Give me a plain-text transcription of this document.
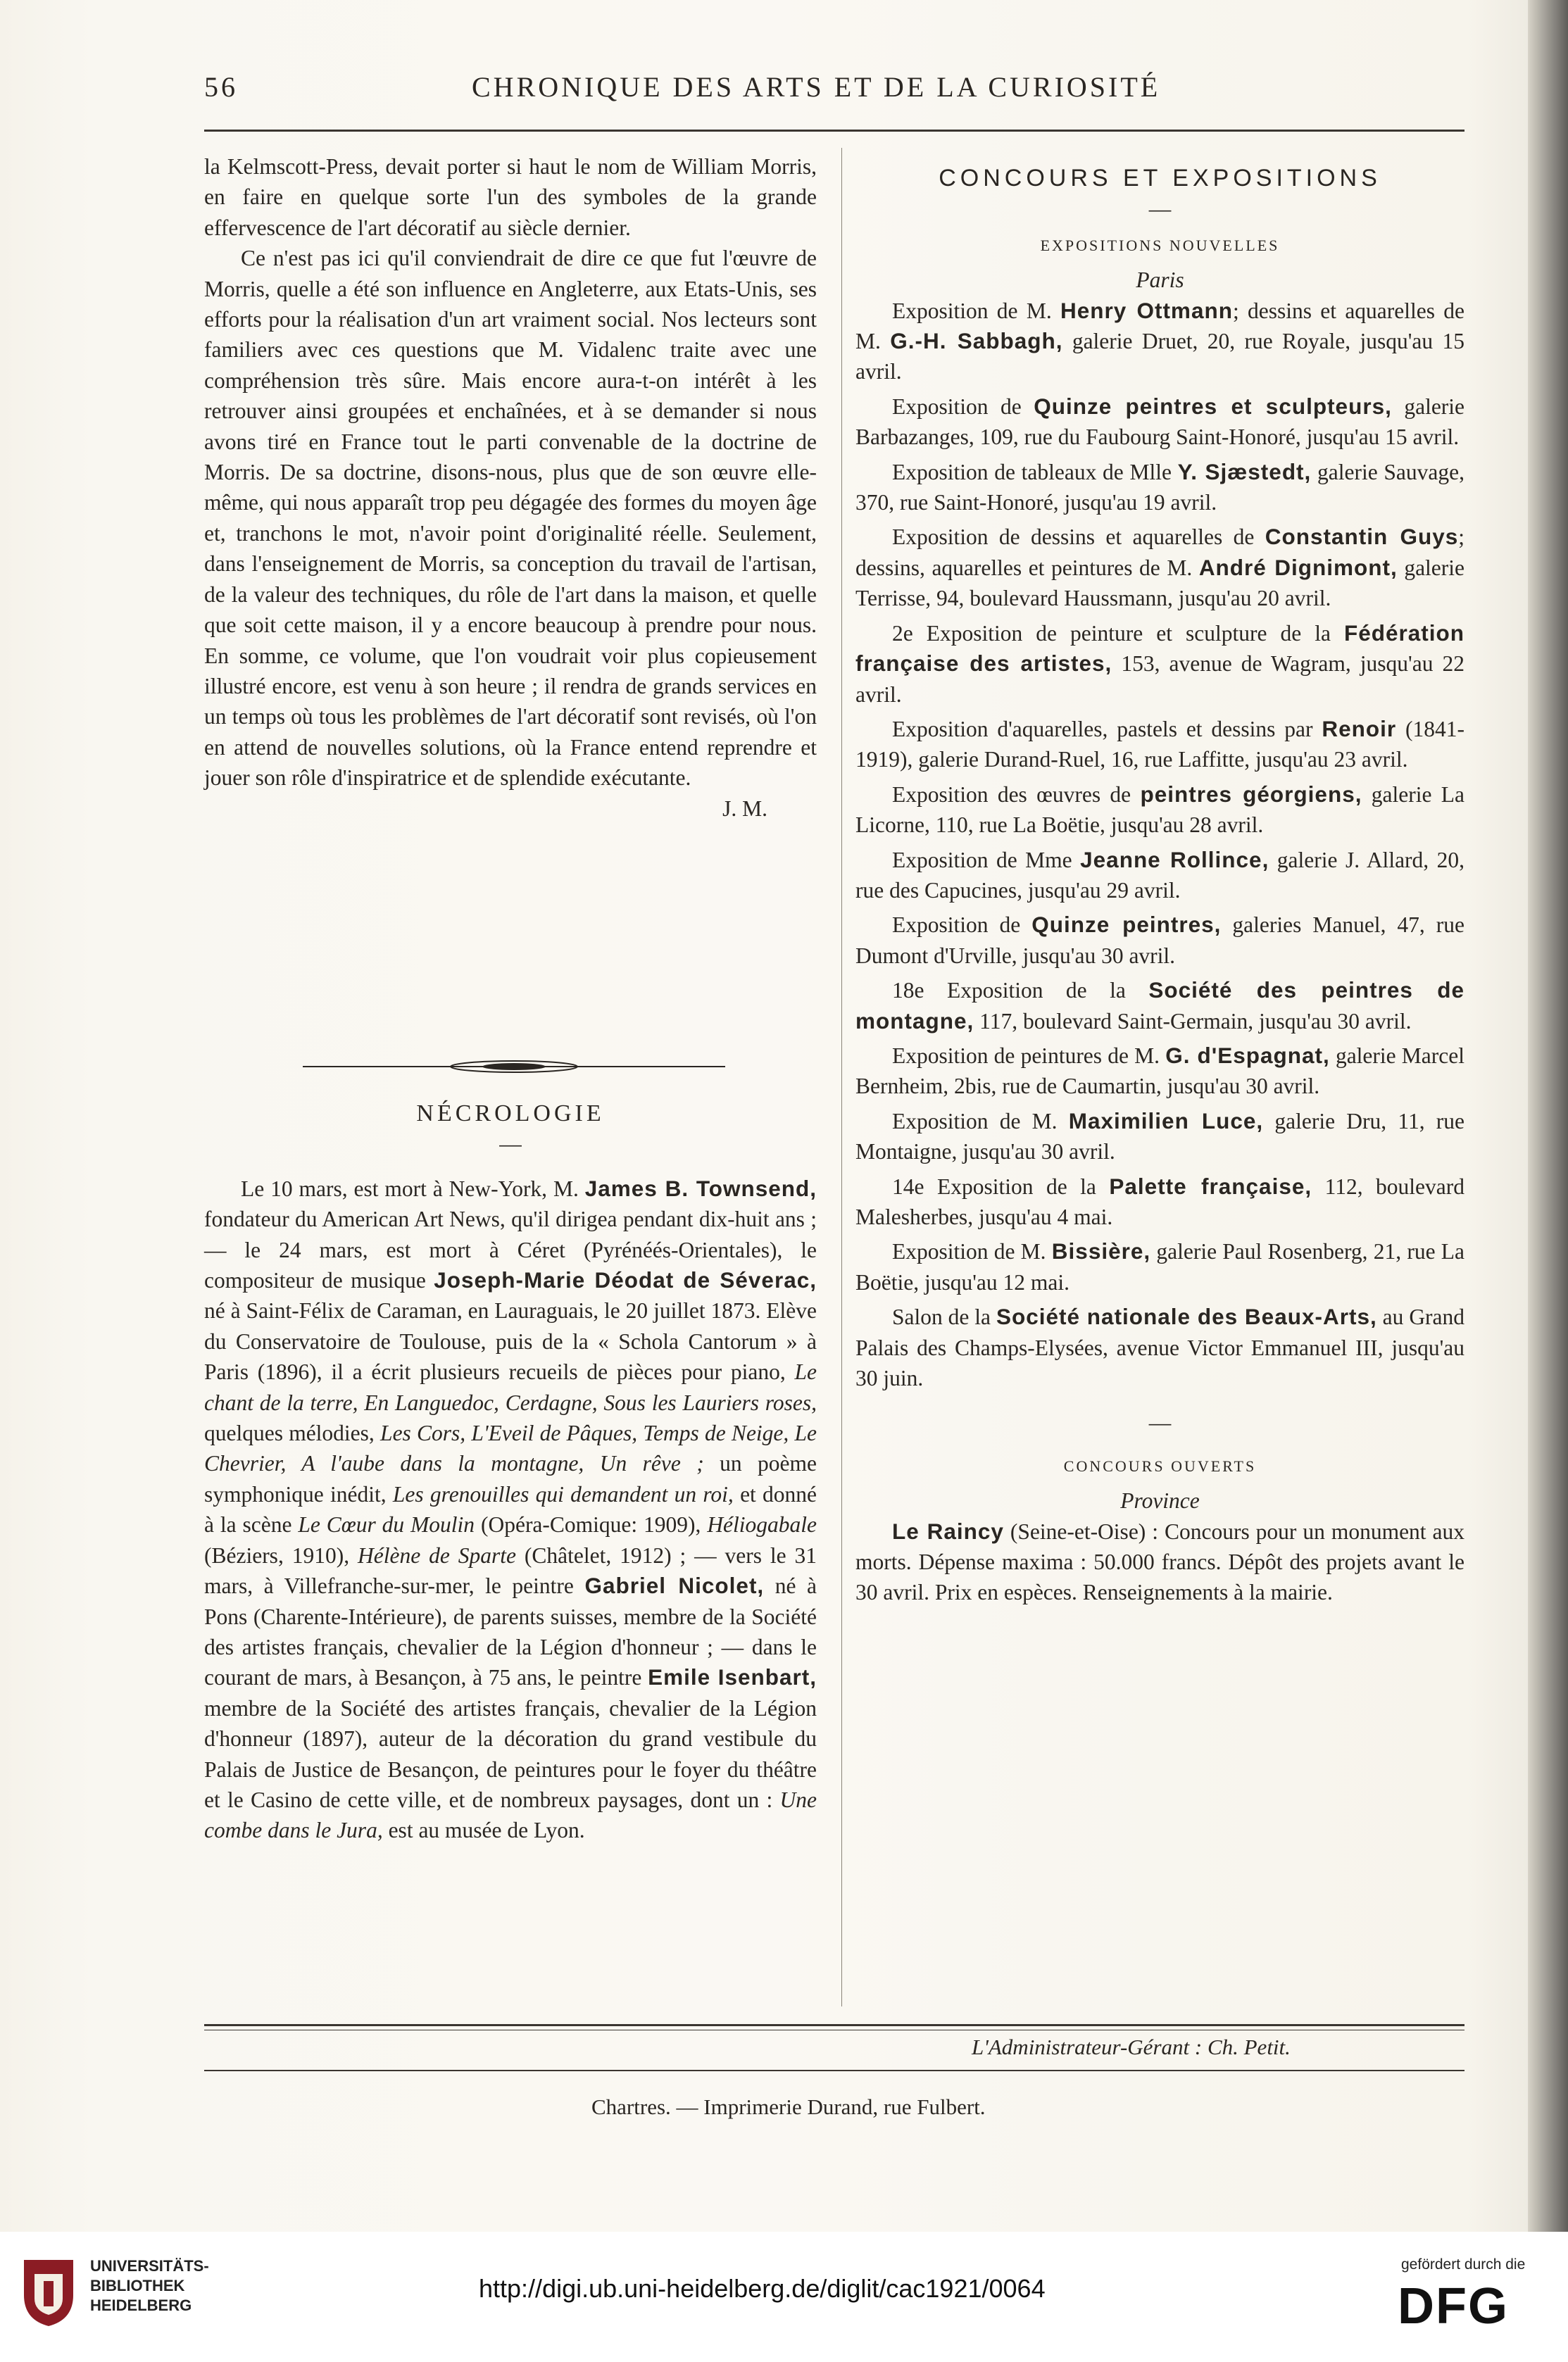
56	CHRONIQUE DES ARTS ET DE LA CURIOSITÉ

la Kelmscott-Press, devait porter si haut le nom de William Morris, en faire en quelque sorte l'un des symboles de la grande effervescence de l'art décoratif au siècle dernier.

Ce n'est pas ici qu'il conviendrait de dire ce que fut l'œuvre de Morris, quelle a été son influence en Angleterre, aux Etats-Unis, ses efforts pour la réalisation d'un art vraiment social. Nos lecteurs sont familiers avec ces questions que M. Vidalenc traite avec une compréhension très sûre. Mais encore aura-t-on intérêt à les retrouver ainsi groupées et enchaînées, et à se demander si nous avons tiré en France tout le parti convenable de la doctrine de Morris. De sa doctrine, disons-nous, plus que de son œuvre elle-même, qui nous apparaît trop peu dégagée des formes du moyen âge et, tranchons le mot, n'avoir point d'originalité réelle. Seulement, dans l'enseignement de Morris, sa conception du travail de l'artisan, de la valeur des techniques, du rôle de l'art dans la maison, et quelle que soit cette maison, il y a encore beaucoup à prendre pour nous. En somme, ce volume, que l'on voudrait voir plus copieusement illustré encore, est venu à son heure ; il rendra de grands services en un temps où tous les problèmes de l'art décoratif sont revisés, où l'on en attend de nouvelles solutions, où la France entend reprendre et jouer son rôle d'inspiratrice et de splendide exécutante.

J. M.

NÉCROLOGIE
—

Le 10 mars, est mort à New-York, M. James B. Townsend, fondateur du American Art News, qu'il dirigea pendant dix-huit ans ; — le 24 mars, est mort à Céret (Pyrénéés-Orientales), le compositeur de musique Joseph-Marie Déodat de Séverac, né à Saint-Félix de Caraman, en Lauraguais, le 20 juillet 1873. Elève du Conservatoire de Toulouse, puis de la « Schola Cantorum » à Paris (1896), il a écrit plusieurs recueils de pièces pour piano, Le chant de la terre, En Languedoc, Cerdagne, Sous les Lauriers roses, quelques mélodies, Les Cors, L'Eveil de Pâques, Temps de Neige, Le Chevrier, A l'aube dans la montagne, Un rêve ; un poème symphonique inédit, Les grenouilles qui demandent un roi, et donné à la scène Le Cœur du Moulin (Opéra-Comique: 1909), Héliogabale (Béziers, 1910), Hélène de Sparte (Châtelet, 1912) ; — vers le 31 mars, à Villefranche-sur-mer, le peintre Gabriel Nicolet, né à Pons (Charente-Intérieure), de parents suisses, membre de la Société des artistes français, chevalier de la Légion d'honneur ; — dans le courant de mars, à Besançon, à 75 ans, le peintre Emile Isenbart, membre de la Société des artistes français, chevalier de la Légion d'honneur (1897), auteur de la décoration du grand vestibule du Palais de Justice de Besançon, de peintures pour le foyer du théâtre et le Casino de cette ville, et de nombreux paysages, dont un : Une combe dans le Jura, est au musée de Lyon.

CONCOURS ET EXPOSITIONS
—
EXPOSITIONS NOUVELLES
Paris

Exposition de M. Henry Ottmann; dessins et aquarelles de M. G.-H. Sabbagh, galerie Druet, 20, rue Royale, jusqu'au 15 avril.

Exposition de Quinze peintres et sculpteurs, galerie Barbazanges, 109, rue du Faubourg Saint-Honoré, jusqu'au 15 avril.

Exposition de tableaux de Mlle Y. Sjæstedt, galerie Sauvage, 370, rue Saint-Honoré, jusqu'au 19 avril.

Exposition de dessins et aquarelles de Constantin Guys; dessins, aquarelles et peintures de M. André Dignimont, galerie Terrisse, 94, boulevard Haussmann, jusqu'au 20 avril.

2e Exposition de peinture et sculpture de la Fédération française des artistes, 153, avenue de Wagram, jusqu'au 22 avril.

Exposition d'aquarelles, pastels et dessins par Renoir (1841-1919), galerie Durand-Ruel, 16, rue Laffitte, jusqu'au 23 avril.

Exposition des œuvres de peintres géorgiens, galerie La Licorne, 110, rue La Boëtie, jusqu'au 28 avril.

Exposition de Mme Jeanne Rollince, galerie J. Allard, 20, rue des Capucines, jusqu'au 29 avril.

Exposition de Quinze peintres, galeries Manuel, 47, rue Dumont d'Urville, jusqu'au 30 avril.

18e Exposition de la Société des peintres de montagne, 117, boulevard Saint-Germain, jusqu'au 30 avril.

Exposition de peintures de M. G. d'Espagnat, galerie Marcel Bernheim, 2bis, rue de Caumartin, jusqu'au 30 avril.

Exposition de M. Maximilien Luce, galerie Dru, 11, rue Montaigne, jusqu'au 30 avril.

14e Exposition de la Palette française, 112, boulevard Malesherbes, jusqu'au 4 mai.

Exposition de M. Bissière, galerie Paul Rosenberg, 21, rue La Boëtie, jusqu'au 12 mai.

Salon de la Société nationale des Beaux-Arts, au Grand Palais des Champs-Elysées, avenue Victor Emmanuel III, jusqu'au 30 juin.

—
CONCOURS OUVERTS
Province

Le Raincy (Seine-et-Oise) : Concours pour un monument aux morts. Dépense maxima : 50.000 francs. Dépôt des projets avant le 30 avril. Prix en espèces. Renseignements à la mairie.

L'Administrateur-Gérant : Ch. Petit.
Chartres. — Imprimerie Durand, rue Fulbert.
UNIVERSITÄTS-
BIBLIOTHEK
HEIDELBERG
http://digi.ub.uni-heidelberg.de/diglit/cac1921/0064
gefördert durch die
DFG
